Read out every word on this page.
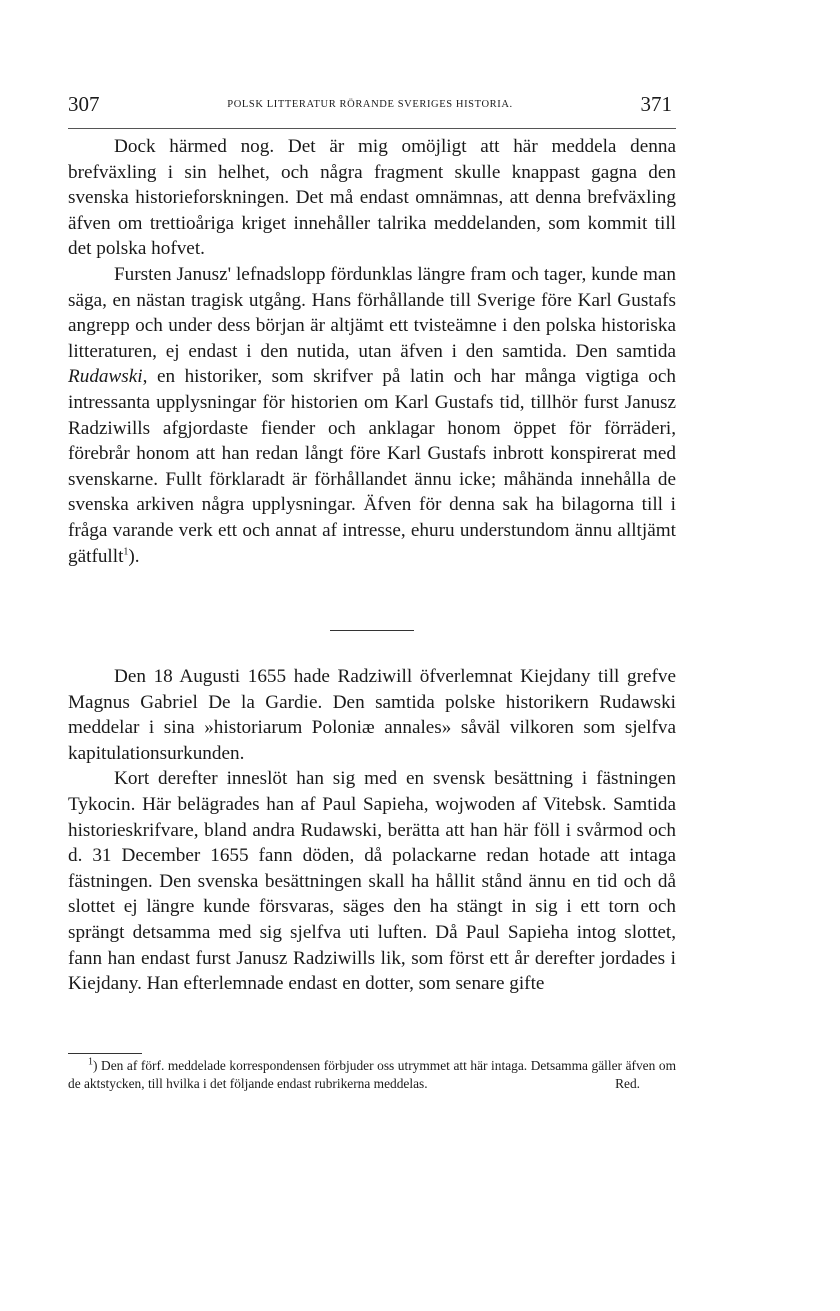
307	POLSK LITTERATUR RÖRANDE SVERIGES HISTORIA.	371

Dock härmed nog. Det är mig omöjligt att här meddela denna brefväxling i sin helhet, och några fragment skulle knappast gagna den svenska historieforskningen. Det må endast omnämnas, att denna brefväxling äfven om trettioåriga kriget innehåller talrika meddelanden, som kommit till det polska hofvet.

Fursten Janusz' lefnadslopp fördunklas längre fram och tager, kunde man säga, en nästan tragisk utgång. Hans förhållande till Sverige före Karl Gustafs angrepp och under dess början är altjämt ett tvisteämne i den polska historiska litteraturen, ej endast i den nutida, utan äfven i den samtida. Den samtida Rudawski, en historiker, som skrifver på latin och har många vigtiga och intressanta upplysningar för historien om Karl Gustafs tid, tillhör furst Janusz Radziwills afgjordaste fiender och anklagar honom öppet för förräderi, förebrår honom att han redan långt före Karl Gustafs inbrott konspirerat med svenskarne. Fullt förklaradt är förhållandet ännu icke; måhända innehålla de svenska arkiven några upplysningar. Äfven för denna sak ha bilagorna till i fråga varande verk ett och annat af intresse, ehuru understundom ännu alltjämt gätfullt$^1$).

Den 18 Augusti 1655 hade Radziwill öfverlemnat Kiejdany till grefve Magnus Gabriel De la Gardie. Den samtida polske historikern Rudawski meddelar i sina »historiarum Poloniæ annales» såväl vilkoren som sjelfva kapitulationsurkunden.

Kort derefter inneslöt han sig med en svensk besättning i fästningen Tykocin. Här belägrades han af Paul Sapieha, wojwoden af Vitebsk. Samtida historieskrifvare, bland andra Rudawski, berätta att han här föll i svårmod och d. 31 December 1655 fann döden, då polackarne redan hotade att intaga fästningen. Den svenska besättningen skall ha hållit stånd ännu en tid och då slottet ej längre kunde försvaras, säges den ha stängt in sig i ett torn och sprängt detsamma med sig sjelfva uti luften. Då Paul Sapieha intog slottet, fann han endast furst Janusz Radziwills lik, som först ett år derefter jordades i Kiejdany. Han efterlemnade endast en dotter, som senare gifte

$^1$) Den af förf. meddelade korrespondensen förbjuder oss utrymmet att här intaga. Detsamma gäller äfven om de aktstycken, till hvilka i det följande endast rubrikerna meddelas.	Red.
